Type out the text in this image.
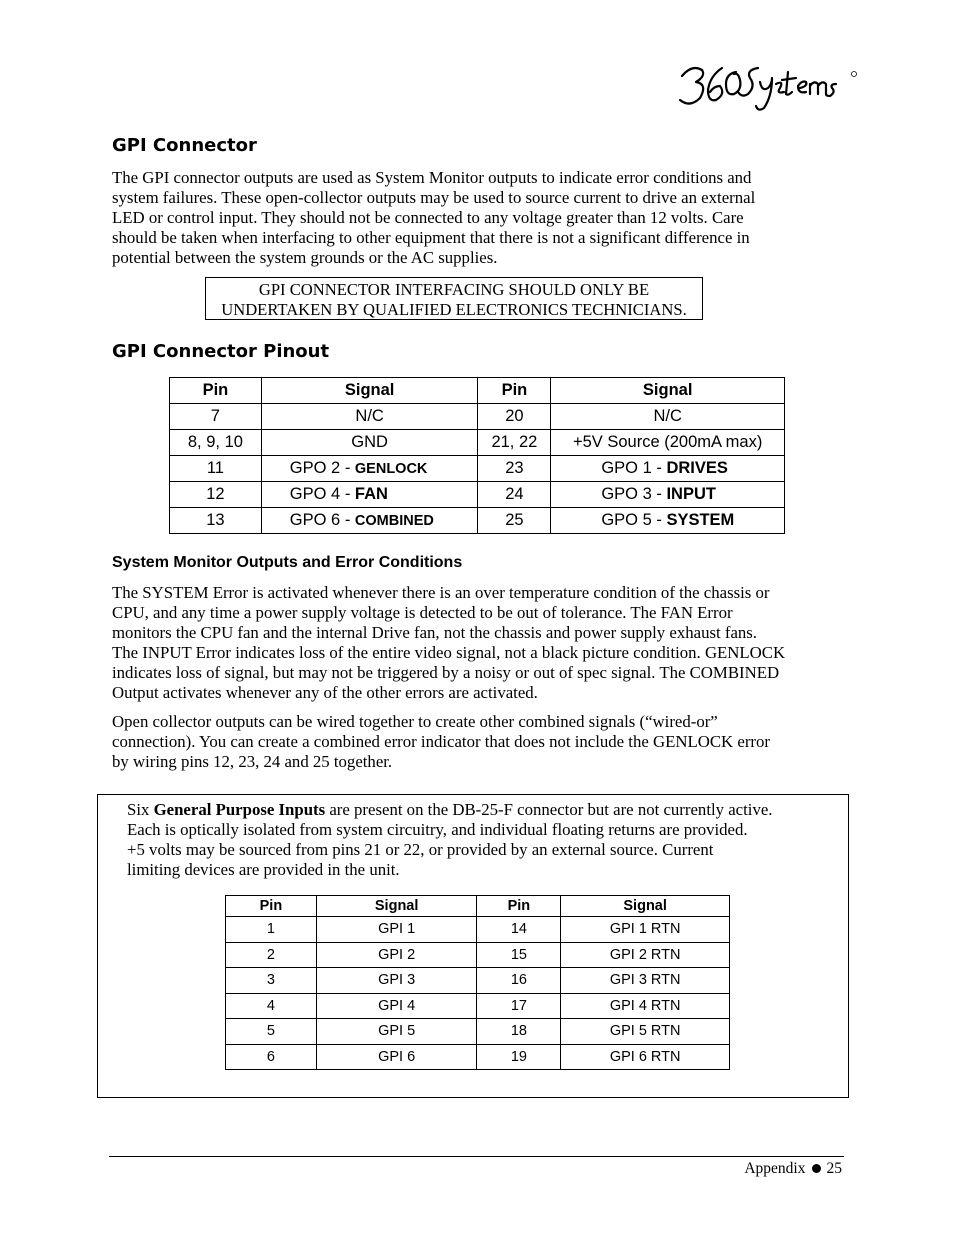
GPI Connector

The GPI connector outputs are used as System Monitor outputs to indicate error conditions and

system failures. These open-collector outputs may be used to source current to drive an external

LED or control input. They should not be connected to any voltage greater than 12 volts. Care

should be taken when interfacing to other equipment that there is not a significant difference in

potential between the system grounds or the AC supplies.

GPI CONNECTOR INTERFACING SHOULD ONLY BE
UNDERTAKEN BY QUALIFIED ELECTRONICS TECHNICIANS.
GPI Connector Pinout
Pin	Signal	Pin	Signal
7	N/C	20	N/C
8, 9, 10	GND	21, 22	+5V Source (200mA max)
11	GPO 2 - GENLOCK	23	GPO 1 - DRIVES
12	GPO 4 - FAN	24	GPO 3 - INPUT
13	GPO 6 - COMBINED	25	GPO 5 - SYSTEM
System Monitor Outputs and Error Conditions

The SYSTEM Error is activated whenever there is an over temperature condition of the chassis or

CPU, and any time a power supply voltage is detected to be out of tolerance. The FAN Error

monitors the CPU fan and the internal Drive fan, not the chassis and power supply exhaust fans.

The INPUT Error indicates loss of the entire video signal, not a black picture condition. GENLOCK

indicates loss of signal, but may not be triggered by a noisy or out of spec signal. The COMBINED

Output activates whenever any of the other errors are activated.

Open collector outputs can be wired together to create other combined signals (“wired-or”

connection). You can create a combined error indicator that does not include the GENLOCK error

by wiring pins 12, 23, 24 and 25 together.

Six General Purpose Inputs are present on the DB-25-F connector but are not currently active.
Each is optically isolated from system circuitry, and individual floating returns are provided.
+5 volts may be sourced from pins 21 or 22, or provided by an external source. Current
limiting devices are provided in the unit.
Pin	Signal	Pin	Signal
1	GPI 1	14	GPI 1 RTN
2	GPI 2	15	GPI 2 RTN
3	GPI 3	16	GPI 3 RTN
4	GPI 4	17	GPI 4 RTN
5	GPI 5	18	GPI 5 RTN
6	GPI 6	19	GPI 6 RTN
Appendix 25
